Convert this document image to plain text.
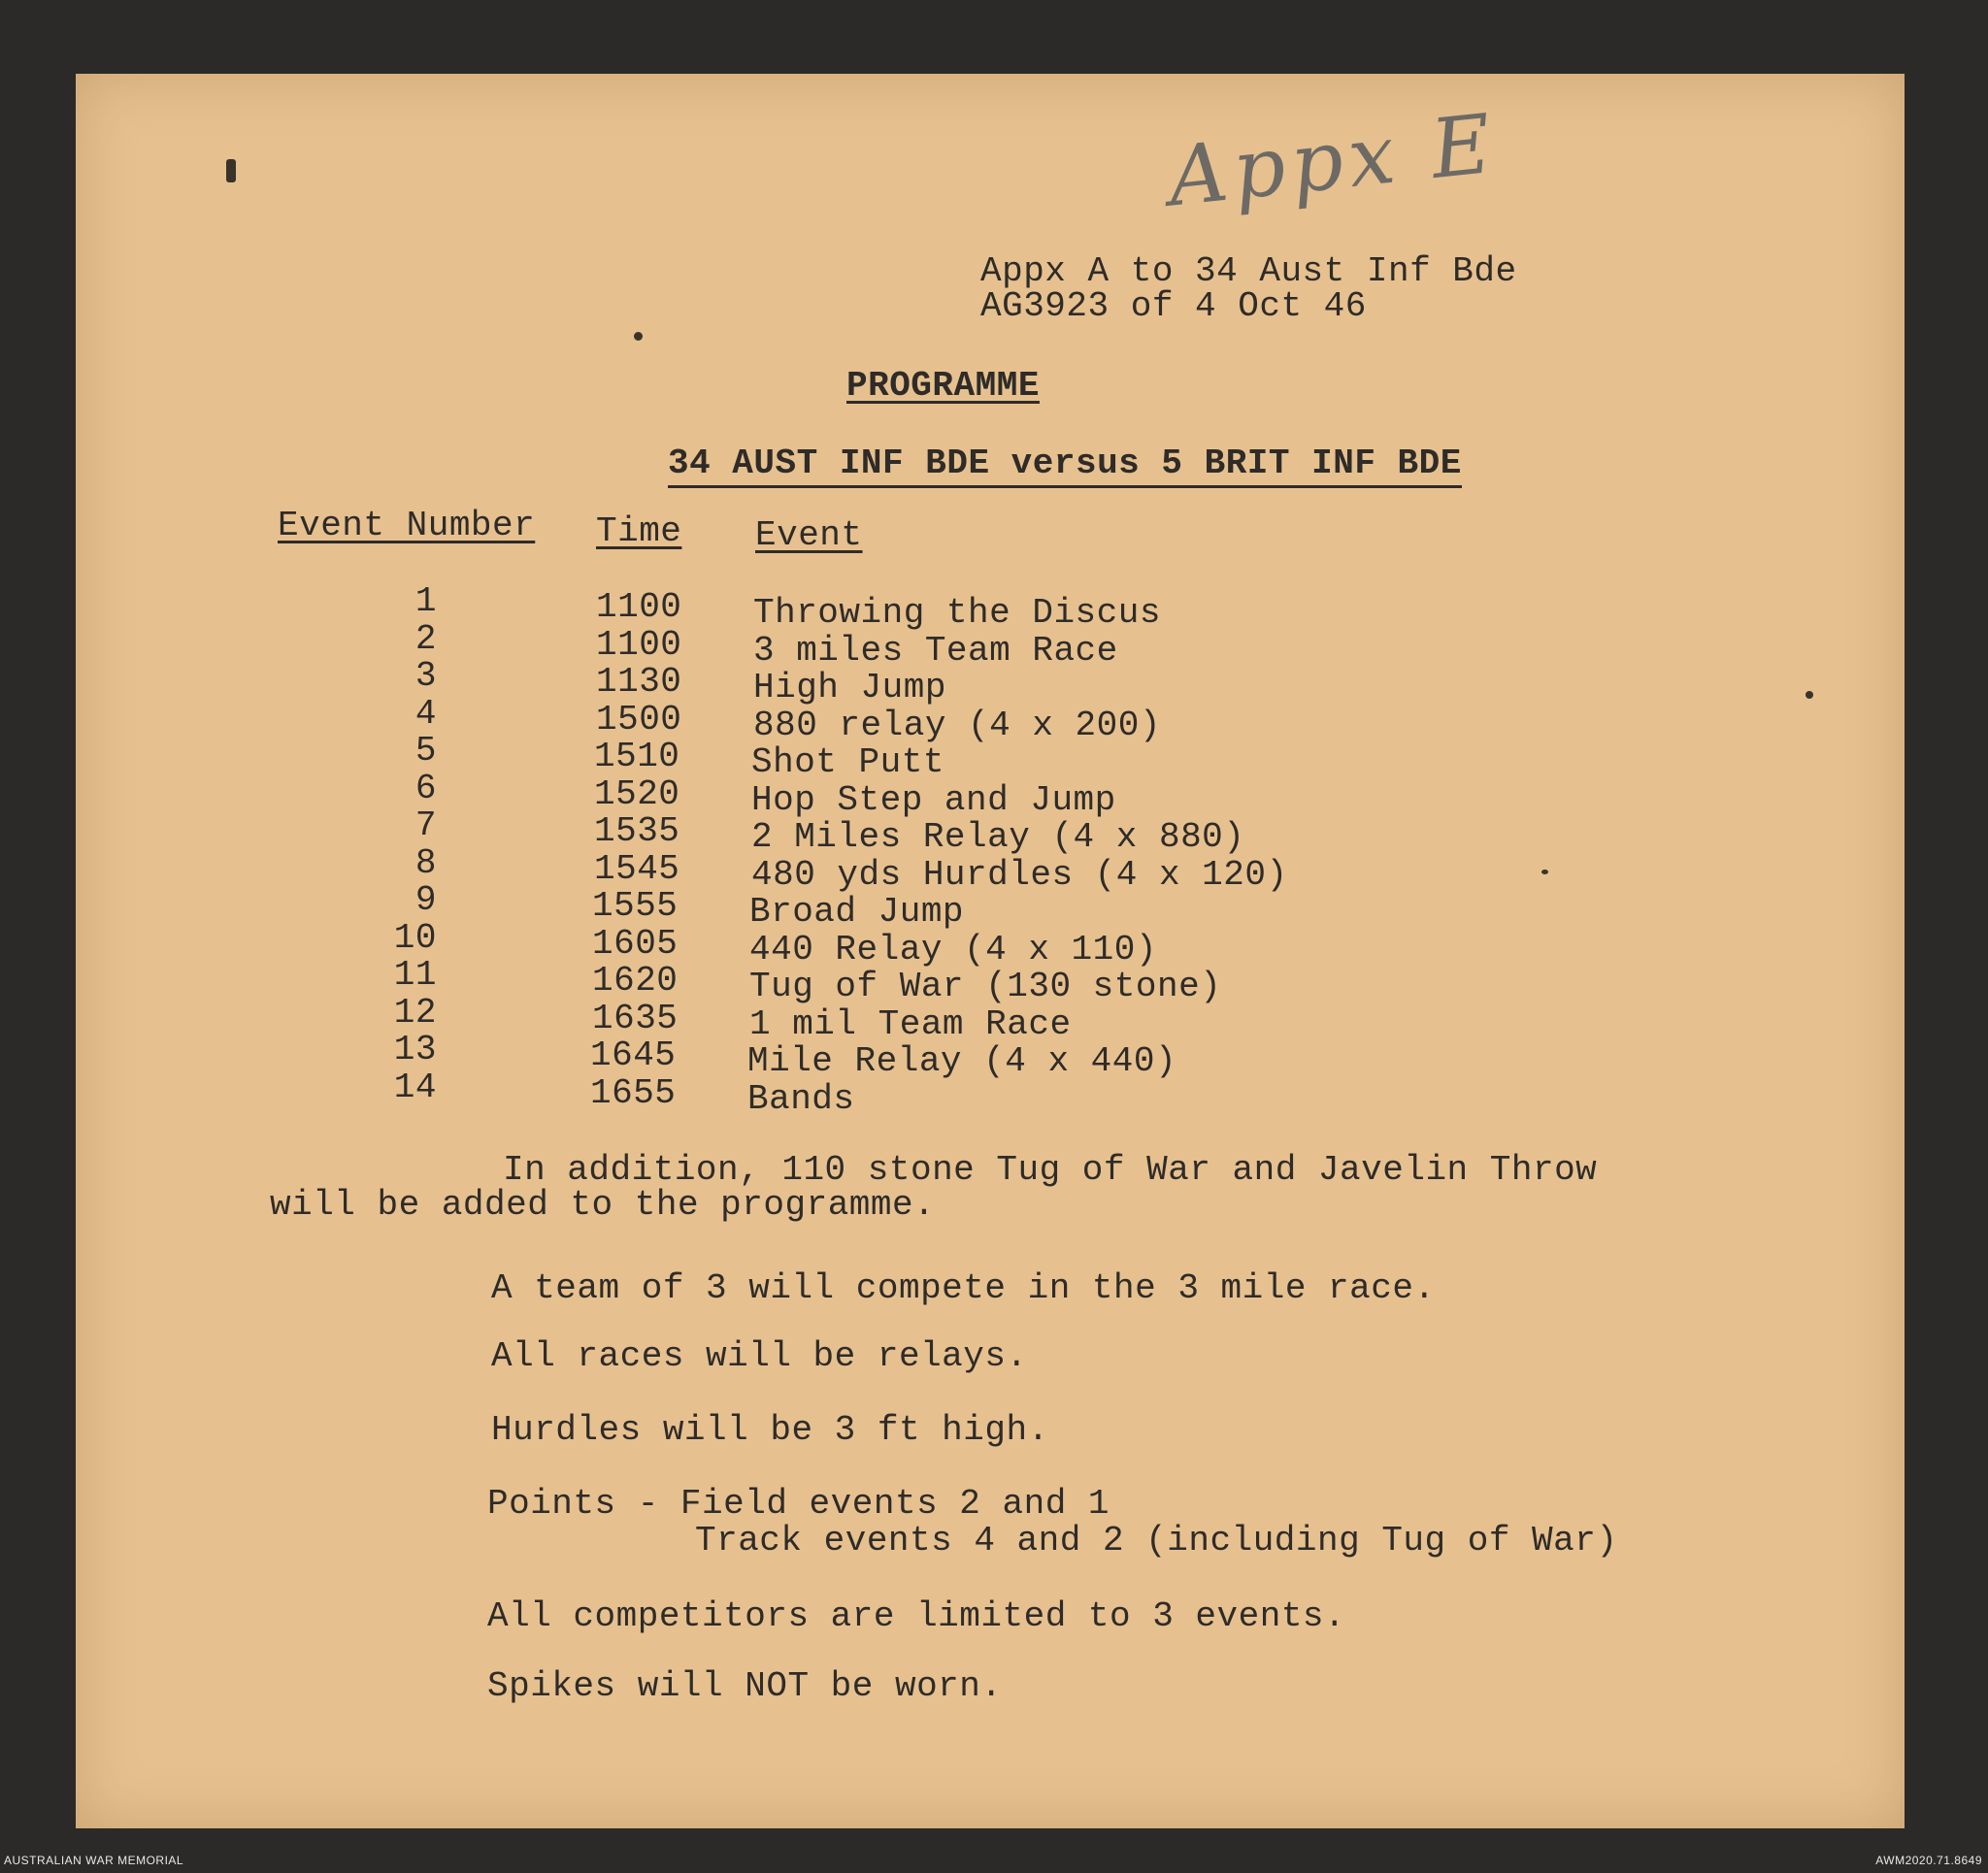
Appx E
Appx A to 34 Aust Inf Bde
AG3923 of 4 Oct 46
PROGRAMME
34 AUST INF BDE versus 5 BRIT INF BDE
Event Number Time Event
1	1100 Throwing the Discus
2	1100 3 miles Team Race
3	1130 High Jump
4	1500 880 relay (4 x 200)
5	1510 Shot Putt
6	1520 Hop Step and Jump
7	1535 2 Miles Relay (4 x 880)
8	1545 480 yds Hurdles (4 x 120)
9	1555 Broad Jump
10	1605 440 Relay (4 x 110)
11	1620 Tug of War (130 stone)
12	1635 1 mil Team Race
13	1645 Mile Relay (4 x 440)
14	1655 Bands
In addition, 110 stone Tug of War and Javelin Throw
will be added to the programme.
A team of 3 will compete in the 3 mile race.
All races will be relays.
Hurdles will be 3 ft high.
Points - Field events 2 and 1
Track events 4 and 2 (including Tug of War)
All competitors are limited to 3 events.
Spikes will NOT be worn.
AUSTRALIAN WAR MEMORIAL	AWM2020.71.8649
